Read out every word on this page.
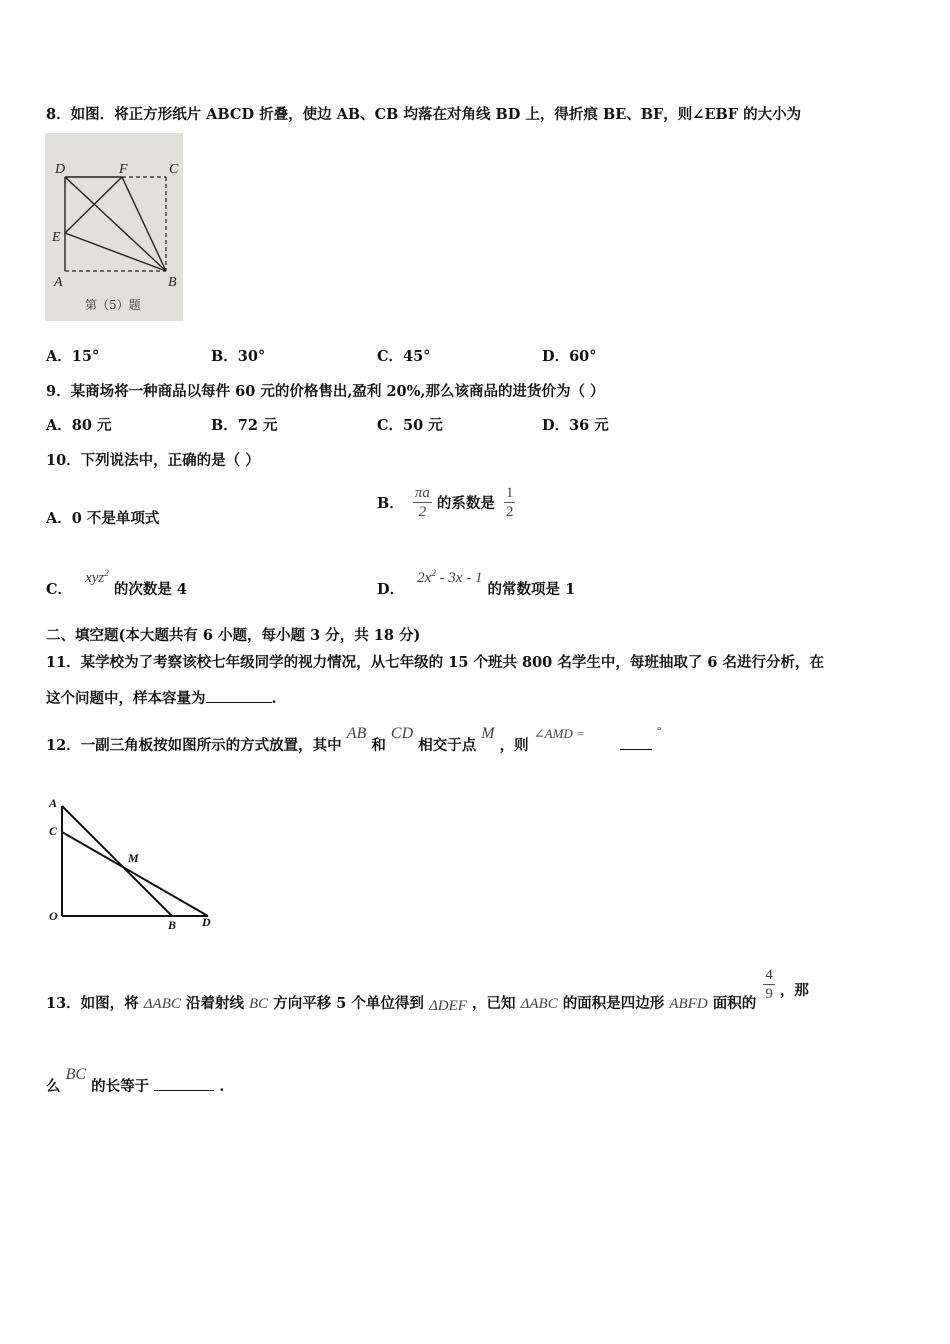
8．如图．将正方形纸片 ABCD 折叠，使边 AB、CB 均落在对角线 BD 上，得折痕 BE、BF，则∠EBF 的大小为
D	F	C
E
A	B
第（5）题
A．15°	B．30°	C．45°	D．60°
9．某商场将一种商品以每件 60 元的价格售出,盈利 20%,那么该商品的进货价为（ ）
A．80 元	B．72 元	C．50 元	D．36 元
10．下列说法中，正确的是（ ）
A．0 不是单项式
B． $\frac{\pi a}{2}$ 的系数是 $\frac{1}{2}$
C． xyz$^2$ 的次数是 4	D． $2x^2 - 3x - 1$ 的常数项是 1
二、填空题(本大题共有 6 小题，每小题 3 分，共 18 分)
11．某学校为了考察该校七年级同学的视力情况，从七年级的 15 个班共 800 名学生中，每班抽取了 6 名进行分析，在
这个问题中，样本容量为	.
12．一副三角板按如图所示的方式放置，其中 AB 和 CD 相交于点 M ，则 ∠AMD =	°
A
C
M
O
B D
13．如图，将 ΔABC 沿着射线 BC 方向平移 5 个单位得到 ΔDEF ，已知 ΔABC 的面积是四边形 ABFD 面积的 $\frac{4}{9}$ ，那
么 BC 的长等于	.
